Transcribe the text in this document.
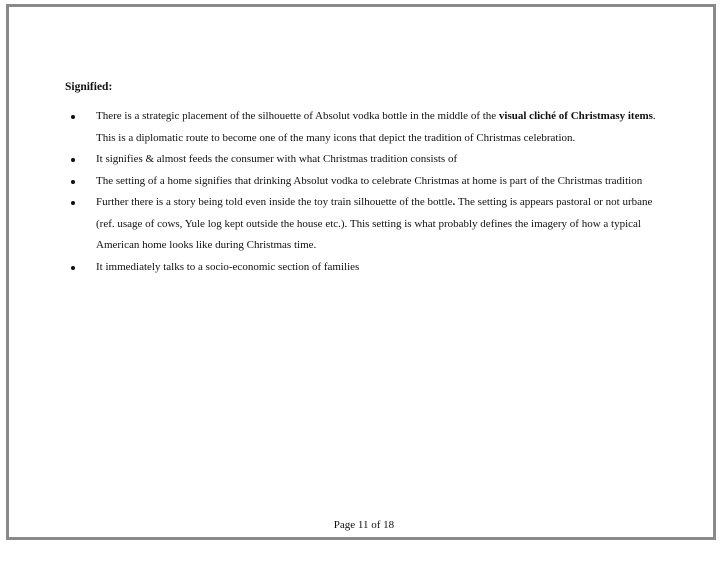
Signified:
There is a strategic placement of the silhouette of Absolut vodka bottle in the middle of the visual cliché of Christmasy items.
This is a diplomatic route to become one of the many icons that depict the tradition of Christmas celebration.
It signifies & almost feeds the consumer with what Christmas tradition consists of
The setting of a home signifies that drinking Absolut vodka to celebrate Christmas at home is part of the Christmas tradition
Further there is a story being told even inside the toy train silhouette of the bottle. The setting is appears pastoral or not urbane
(ref. usage of cows, Yule log kept outside the house etc.). This setting is what probably defines the imagery of how a typical
American home looks like during Christmas time.
It immediately talks to a socio-economic section of families
Page 11 of 18
